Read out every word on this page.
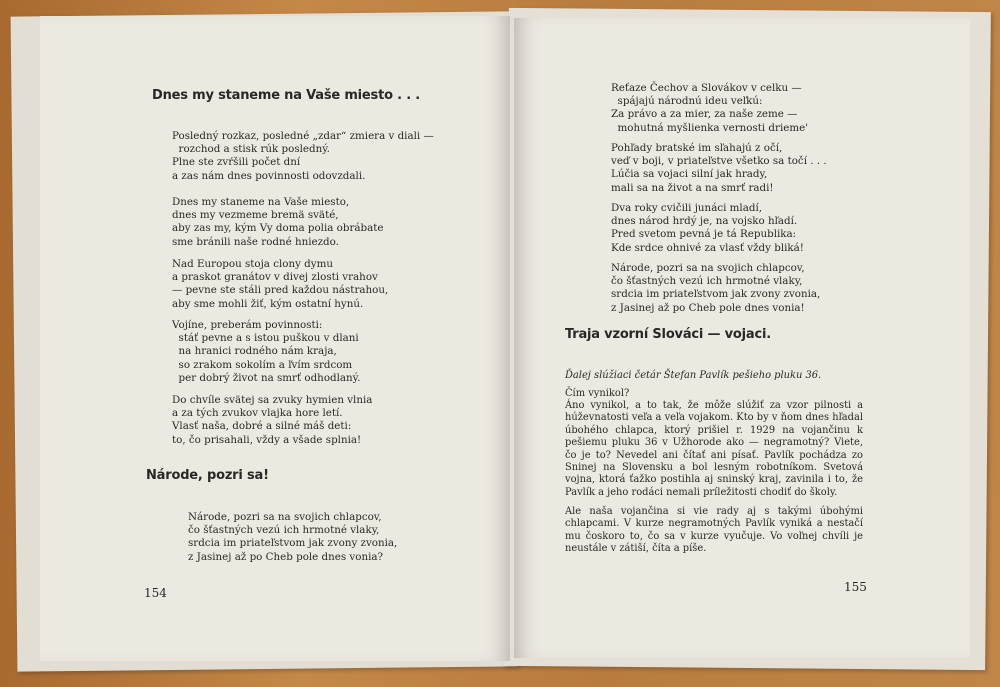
Dnes my staneme na Vaše miesto . . .
Posledný rozkaz, posledné „zdar“ zmiera v diali —
rozchod a stisk rúk posledný.
Plne ste zvŕšili počet dní
a zas nám dnes povinnosti odovzdali.
Dnes my staneme na Vaše miesto,
dnes my vezmeme bremä sväté,
aby zas my, kým Vy doma polia obrábate
sme bránili naše rodné hniezdo.
Nad Europou stoja clony dymu
a praskot granátov v divej zlosti vrahov
— pevne ste stáli pred každou nástrahou,
aby sme mohli žiť, kým ostatní hynú.
Vojíne, preberám povinnosti:
stáť pevne a s istou puškou v dlani
na hranici rodného nám kraja,
so zrakom sokolím a ľvím srdcom
per dobrý život na smrť odhodlaný.
Do chvíle svätej sa zvuky hymien vlnia
a za tých zvukov vlajka hore letí.
Vlasť naša, dobré a silné máš deti:
to, čo prisahali, vždy a všade splnia!
Národe, pozri sa!
Národe, pozri sa na svojich chlapcov,
čo šťastných vezú ich hrmotné vlaky,
srdcia im priateľstvom jak zvony zvonia,
z Jasinej až po Cheb pole dnes vonia?
154
Reťaze Čechov a Slovákov v celku —
spájajú národnú ideu veľkú:
Za právo a za mier, za naše zeme —
mohutná myšlienka vernosti drieme'
Pohľady bratské im sľahajú z očí,
veď v boji, v priateľstve všetko sa točí . . .
Lúčia sa vojaci silní jak hrady,
mali sa na život a na smrť radi!
Dva roky cvičili junáci mladí,
dnes národ hrdý je, na vojsko hľadí.
Pred svetom pevná je tá Republika:
Kde srdce ohnivé za vlasť vždy bliká!
Národe, pozri sa na svojich chlapcov,
čo šťastných vezú ich hrmotné vlaky,
srdcia im priateľstvom jak zvony zvonia,
z Jasinej až po Cheb pole dnes vonia!
Traja vzorní Slováci — vojaci.
Ďalej slúžiaci četár Štefan Pavlík pešieho pluku 36.
Čím vynikol?
Áno vynikol, a to tak, že môže slúžiť za vzor pilnosti a húževnatosti veľa a veľa vojakom. Kto by v ňom dnes hľadal úbohého chlapca, ktorý prišiel r. 1929 na vojančinu k pešiemu pluku 36 v Užhorode ako — negramotný? Viete, čo je to? Nevedel ani čítať ani písať. Pavlík pochádza zo Sninej na Slovensku a bol lesným robotníkom. Svetová vojna, ktorá ťažko postihla aj sninský kraj, zavinila i to, že Pavlík a jeho rodáci nemali príležitosti chodiť do školy.
Ale naša vojančina si vie rady aj s takými úbohými chlapcami. V kurze negramotných Pavlík vyniká a nestačí mu čoskoro to, čo sa v kurze vyučuje. Vo voľnej chvíli je neustále v zátiší, číta a píše.
155
